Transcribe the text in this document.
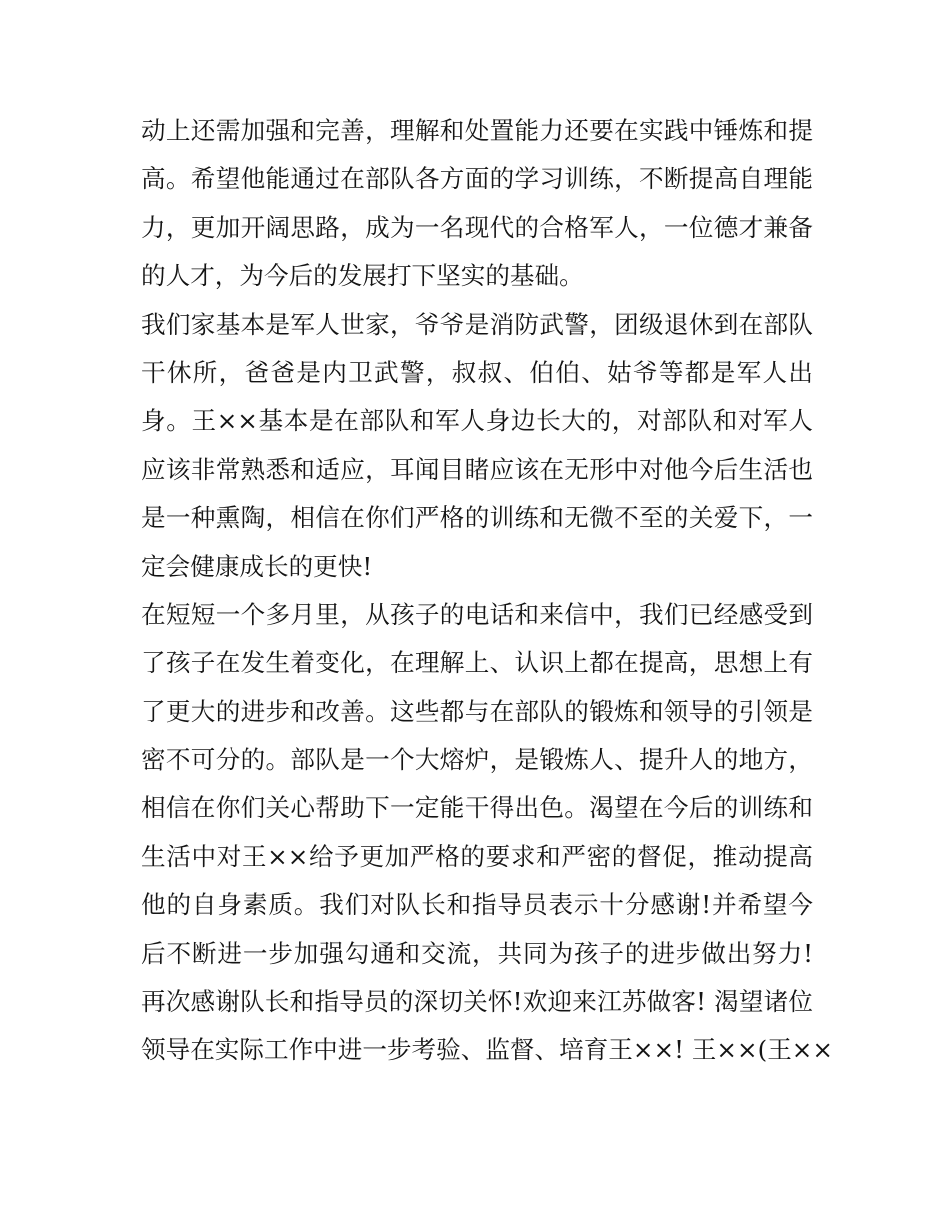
动上还需加强和完善，理解和处置能力还要在实践中锤炼和提
高。希望他能通过在部队各方面的学习训练，不断提高自理能
力，更加开阔思路，成为一名现代的合格军人，一位德才兼备
的人才，为今后的发展打下坚实的基础。
我们家基本是军人世家，爷爷是消防武警，团级退休到在部队
干休所，爸爸是内卫武警，叔叔、伯伯、姑爷等都是军人出
身。王××基本是在部队和军人身边长大的，对部队和对军人
应该非常熟悉和适应，耳闻目睹应该在无形中对他今后生活也
是一种熏陶，相信在你们严格的训练和无微不至的关爱下，一
定会健康成长的更快!
在短短一个多月里，从孩子的电话和来信中，我们已经感受到
了孩子在发生着变化，在理解上、认识上都在提高，思想上有
了更大的进步和改善。这些都与在部队的锻炼和领导的引领是
密不可分的。部队是一个大熔炉，是锻炼人、提升人的地方，
相信在你们关心帮助下一定能干得出色。渴望在今后的训练和
生活中对王××给予更加严格的要求和严密的督促，推动提高
他的自身素质。我们对队长和指导员表示十分感谢!并希望今
后不断进一步加强勾通和交流，共同为孩子的进步做出努力!
再次感谢队长和指导员的深切关怀!欢迎来江苏做客! 渴望诸位
领导在实际工作中进一步考验、监督、培育王××! 王××(王××
